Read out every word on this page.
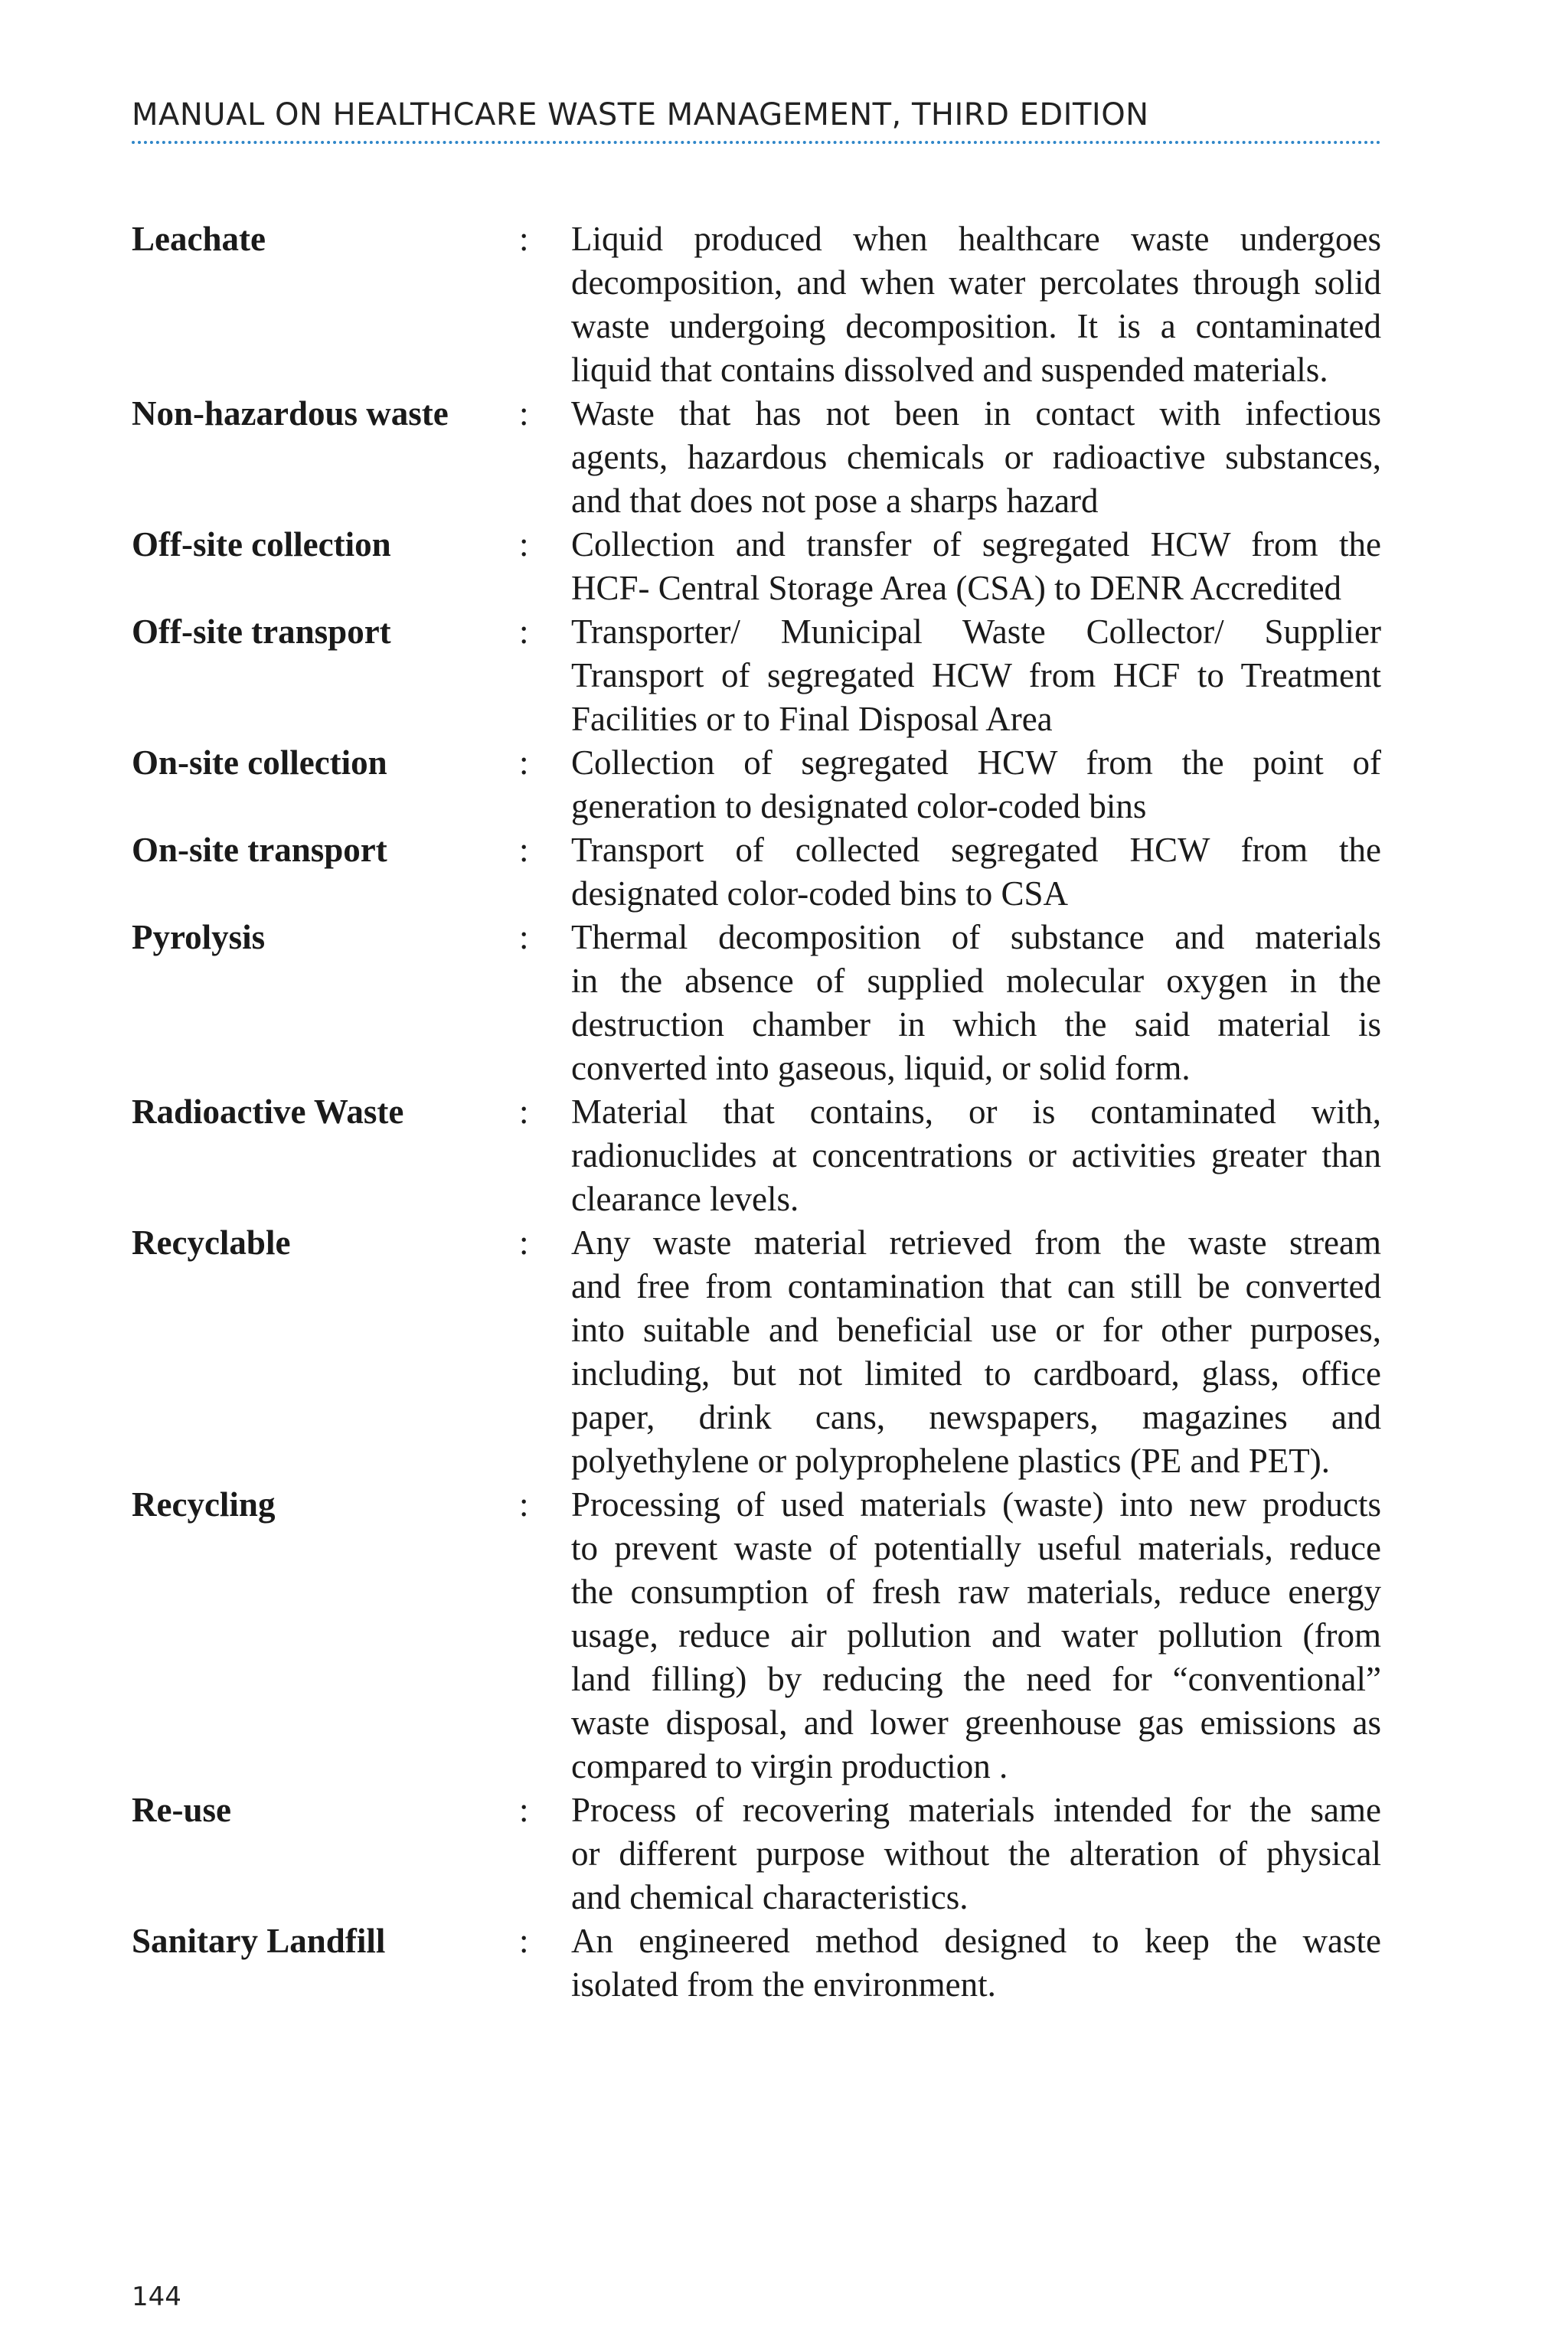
MANUAL ON HEALTHCARE WASTE MANAGEMENT, THIRD EDITION
Leachate	:	Liquid produced when healthcare waste undergoes
decomposition, and when water percolates through solid
waste undergoing decomposition. It is a contaminated
liquid that contains dissolved and suspended materials.
Non-hazardous waste	:	Waste that has not been in contact with infectious
agents, hazardous chemicals or radioactive substances,
and that does not pose a sharps hazard
Off-site collection	:	Collection and transfer of segregated HCW from the
HCF- Central Storage Area (CSA) to DENR Accredited
Off-site transport	:	Transporter/ Municipal Waste Collector/ Supplier
Transport of segregated HCW from HCF to Treatment
Facilities or to Final Disposal Area
On-site collection	:	Collection of segregated HCW from the point of
generation to designated color-coded bins
On-site transport	:	Transport of collected segregated HCW from the
designated color-coded bins to CSA
Pyrolysis	:	Thermal decomposition of substance and materials
in the absence of supplied molecular oxygen in the
destruction chamber in which the said material is
converted into gaseous, liquid, or solid form.
Radioactive Waste	:	Material that contains, or is contaminated with,
radionuclides at concentrations or activities greater than
clearance levels.
Recyclable	:	Any waste material retrieved from the waste stream
and free from contamination that can still be converted
into suitable and beneficial use or for other purposes,
including, but not limited to cardboard, glass, office
paper, drink cans, newspapers, magazines and
polyethylene or polyprophelene plastics (PE and PET).
Recycling	:	Processing of used materials (waste) into new products
to prevent waste of potentially useful materials, reduce
the consumption of fresh raw materials, reduce energy
usage, reduce air pollution and water pollution (from
land filling) by reducing the need for “conventional”
waste disposal, and lower greenhouse gas emissions as
compared to virgin production .
Re-use	:	Process of recovering materials intended for the same
or different purpose without the alteration of physical
and chemical characteristics.
Sanitary Landfill	:	An engineered method designed to keep the waste
isolated from the environment.
144
